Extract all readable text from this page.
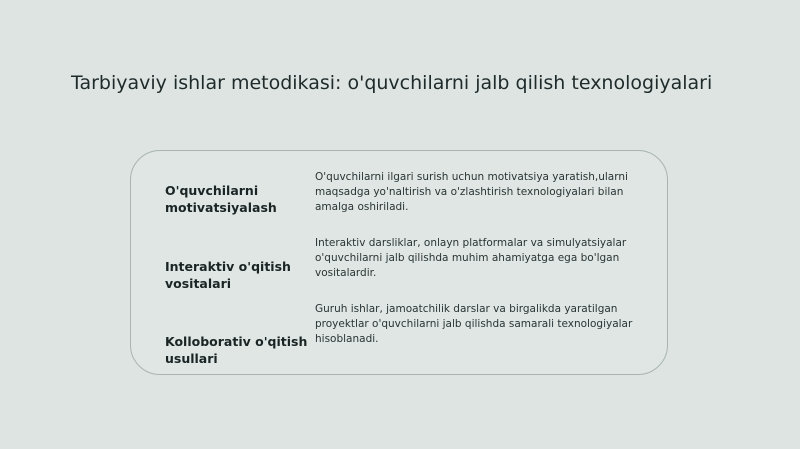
Tarbiyaviy ishlar metodikasi: o'quvchilarni jalb qilish texnologiyalari

O'quvchilarni motivatsiyalash

O'quvchilarni ilgari surish uchun motivatsiya yaratish,ularni maqsadga yo'naltirish va o'zlashtirish texnologiyalari bilan amalga oshiriladi.

Interaktiv o'qitish vositalari

Interaktiv darsliklar, onlayn platformalar va simulyatsiyalar o'quvchilarni jalb qilishda muhim ahamiyatga ega bo'lgan vositalardir.

Kolloborativ o'qitish usullari

Guruh ishlar, jamoatchilik darslar va birgalikda yaratilgan proyektlar o'quvchilarni jalb qilishda samarali texnologiyalar hisoblanadi.
